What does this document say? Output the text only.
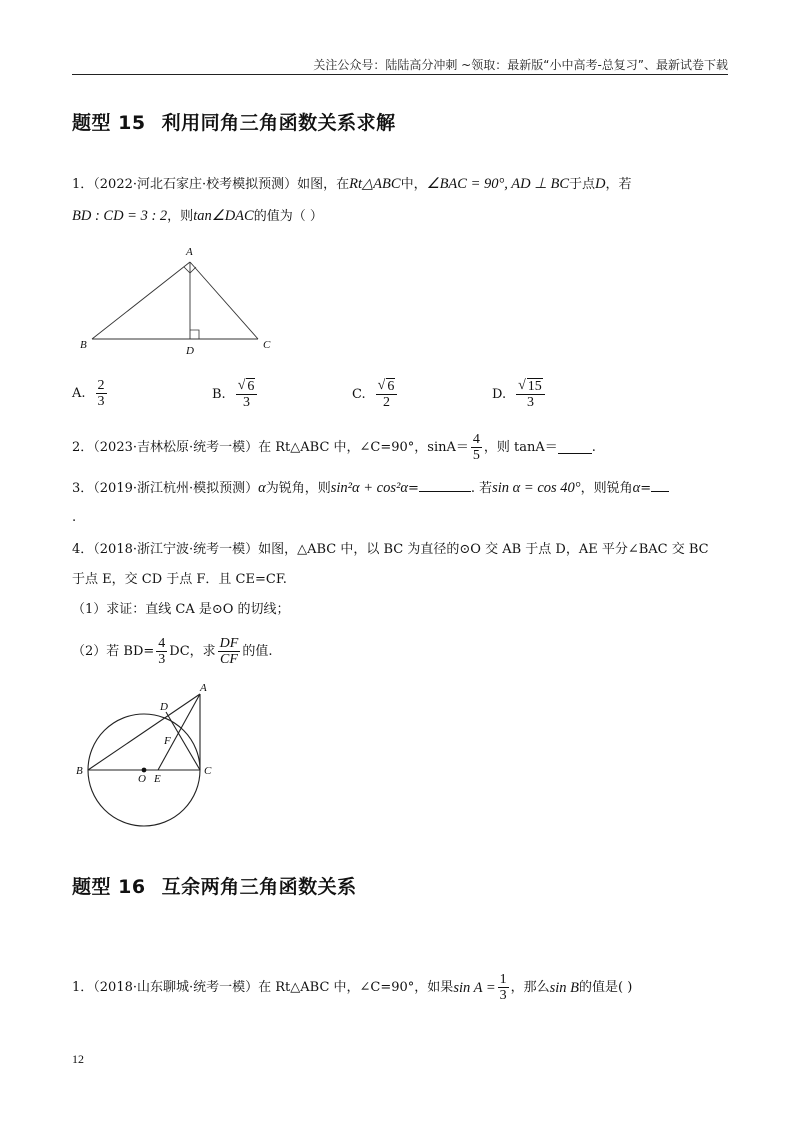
关注公众号：陆陆高分冲刺 ~领取：最新版“小中高考-总复习”、最新试卷下载
题型 15 利用同角三角函数关系求解
1．（2022·河北石家庄·校考模拟预测）如图，在Rt△ABC中，∠BAC = 90°, AD ⊥ BC于点D，若
BD : CD = 3 : 2，则tan∠DAC的值为（ ）
A
B	C
D
A. $\frac{2}{3}$	B. $\frac{√ 6}{3}$	C. $\frac{√ 6}{2}$	D. $\frac{√ 15}{3}$
2．（2023·吉林松原·统考一模）在 Rt△ABC 中，∠C=90°，$\sin A= \frac{4}{5}$ ，则 tanA＝	.
3．（2019·浙江杭州·模拟预测）α为锐角，则sin²α + cos²α=	. 若sin α = cos 40°，则锐角α=
.
4．（2018·浙江宁波·统考一模）如图，△ABC 中，以 BC 为直径的⊙O 交 AB 于点 D，AE 平分∠BAC 交 BC
于点 E，交 CD 于点 F．且 CE=CF.
（1）求证：直线 CA 是⊙O 的切线；
（2）若 $BD= \frac{4}{3}$ DC，求 $\frac{DF}{CF}$ 的值.
A
B	C
D
E
F
O
题型 16 互余两角三角函数关系
1．（2018·山东聊城·统考一模）在 Rt△ABC 中，∠C=90°，如果 $\sin A = \frac{1}{3}$ ，那么 sin B 的值是( )
12
